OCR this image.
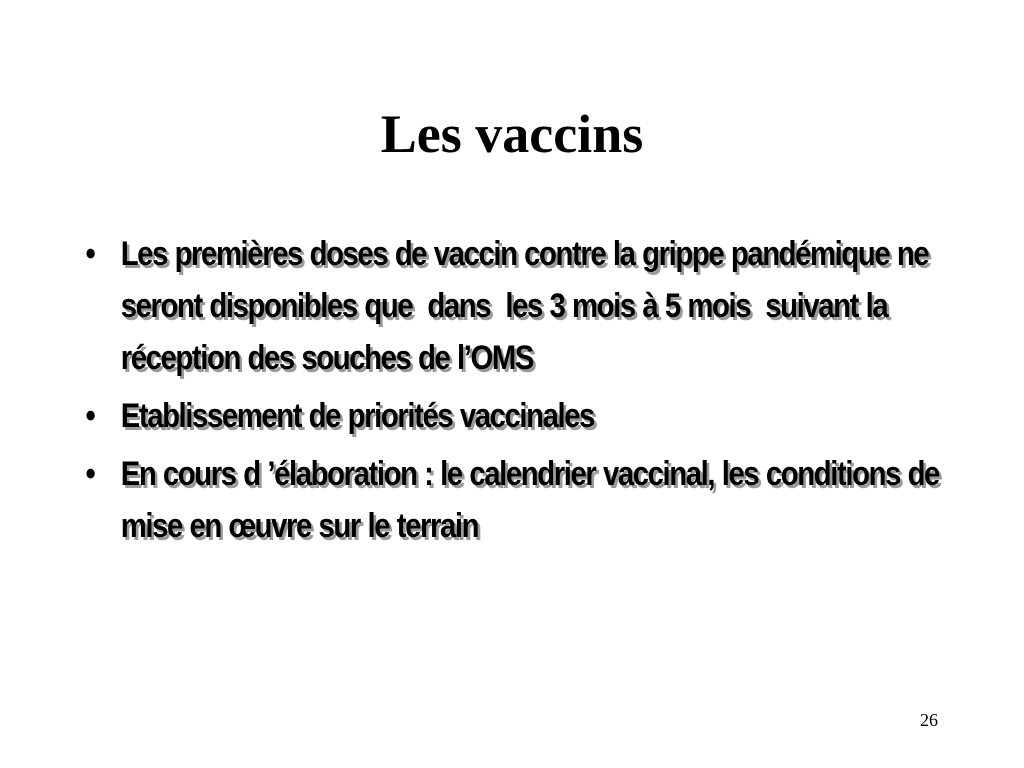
Les vaccins
• Les premières doses de vaccin contre la grippe pandémique ne seront disponibles que  dans  les 3 mois à 5 mois  suivant la réception des souches de l’OMS
• Etablissement de priorités vaccinales
• En cours d ’élaboration : le calendrier vaccinal, les conditions de mise en œuvre sur le terrain
26
